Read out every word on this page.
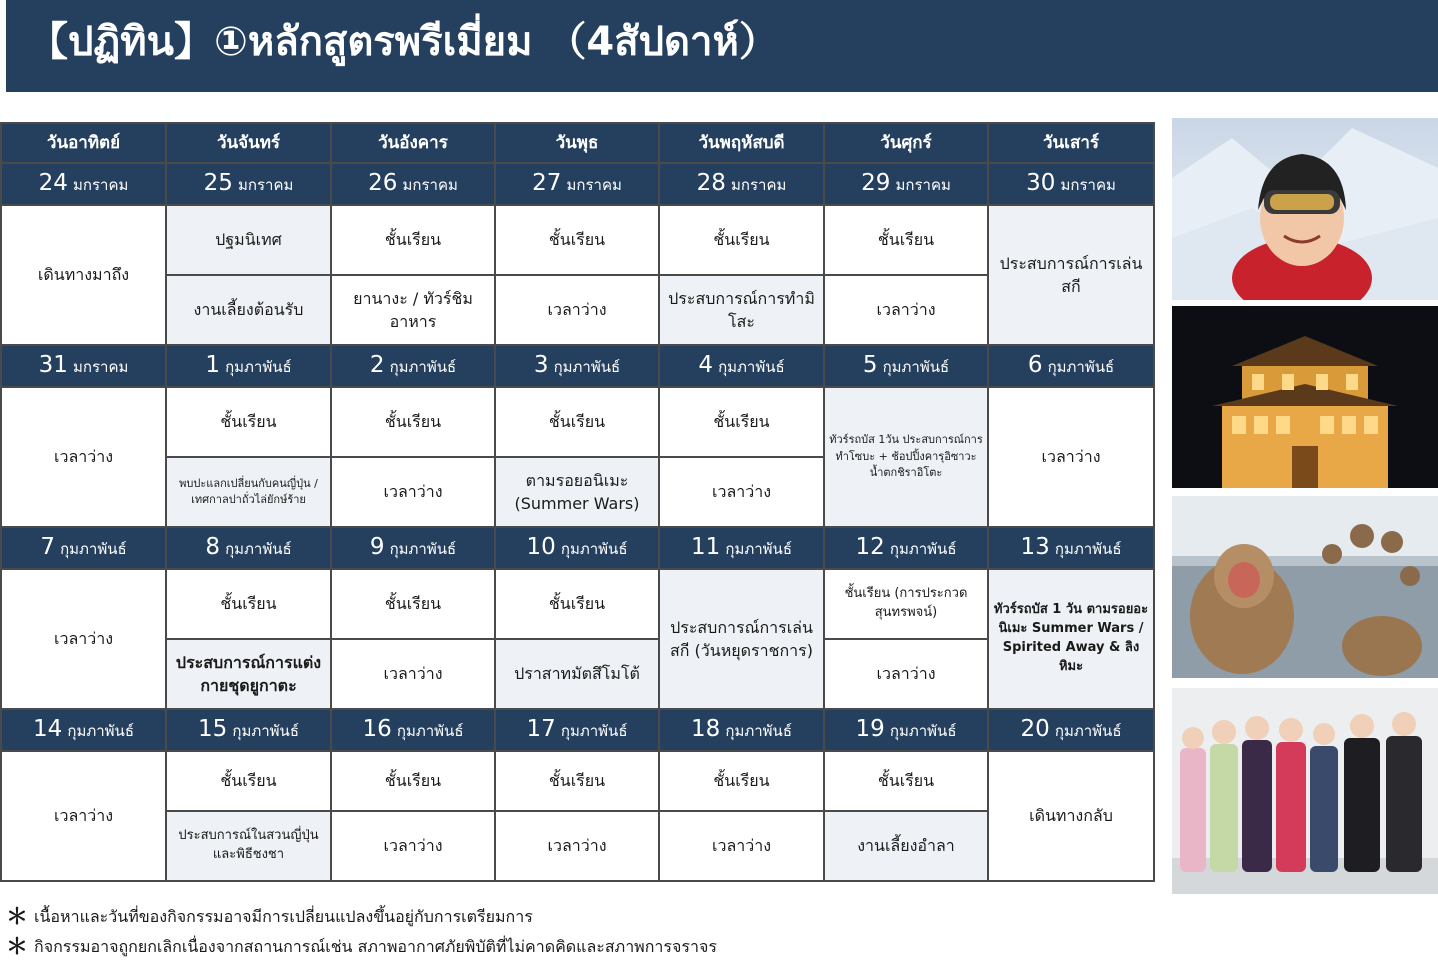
【ปฏิทิน】①หลักสูตรพรีเมี่ยม （4สัปดาห์）
วันอาทิตย์	วันจันทร์	วันอังคาร	วันพุธ	วันพฤหัสบดี	วันศุกร์	วันเสาร์
24 มกราคม	25 มกราคม	26 มกราคม	27 มกราคม	28 มกราคม	29 มกราคม	30 มกราคม
เดินทางมาถึง	ปฐมนิเทศ	ชั้นเรียน	ชั้นเรียน	ชั้นเรียน	ชั้นเรียน	ประสบการณ์การเล่นสกี
	งานเลี้ยงต้อนรับ	ยานางะ / ทัวร์ชิมอาหาร	เวลาว่าง	ประสบการณ์การทำมิโสะ	เวลาว่าง	
31 มกราคม	1 กุมภาพันธ์	2 กุมภาพันธ์	3 กุมภาพันธ์	4 กุมภาพันธ์	5 กุมภาพันธ์	6 กุมภาพันธ์
เวลาว่าง	ชั้นเรียน	ชั้นเรียน	ชั้นเรียน	ชั้นเรียน	ทัวร์รถบัส 1วัน ประสบการณ์การทำโซบะ + ช้อปปิ้งคารุอิซาวะน้ำตกชิราอิโตะ	เวลาว่าง
	พบปะแลกเปลี่ยนกับคนญี่ปุ่น / เทศกาลปาถั่วไล่ยักษ์ร้าย	เวลาว่าง	ตามรอยอนิเมะ (Summer Wars)	เวลาว่าง		
7 กุมภาพันธ์	8 กุมภาพันธ์	9 กุมภาพันธ์	10 กุมภาพันธ์	11 กุมภาพันธ์	12 กุมภาพันธ์	13 กุมภาพันธ์
เวลาว่าง	ชั้นเรียน	ชั้นเรียน	ชั้นเรียน	ประสบการณ์การเล่นสกี (วันหยุดราชการ)	ชั้นเรียน (การประกวดสุนทรพจน์)	ทัวร์รถบัส 1 วัน ตามรอยอะนิเมะ Summer Wars / Spirited Away & ลิงหิมะ
	ประสบการณ์การแต่งกายชุดยูกาตะ	เวลาว่าง	ปราสาทมัตสึโมโต้		เวลาว่าง	
14 กุมภาพันธ์	15 กุมภาพันธ์	16 กุมภาพันธ์	17 กุมภาพันธ์	18 กุมภาพันธ์	19 กุมภาพันธ์	20 กุมภาพันธ์
เวลาว่าง	ชั้นเรียน	ชั้นเรียน	ชั้นเรียน	ชั้นเรียน	ชั้นเรียน	เดินทางกลับ
	ประสบการณ์ในสวนญี่ปุ่นและพิธีชงชา	เวลาว่าง	เวลาว่าง	เวลาว่าง	งานเลี้ยงอำลา	
＊ เนื้อหาและวันที่ของกิจกรรมอาจมีการเปลี่ยนแปลงขึ้นอยู่กับการเตรียมการ
＊ กิจกรรมอาจถูกยกเลิกเนื่องจากสถานการณ์เช่น สภาพอากาศภัยพิบัติที่ไม่คาดคิดและสภาพการจราจร
